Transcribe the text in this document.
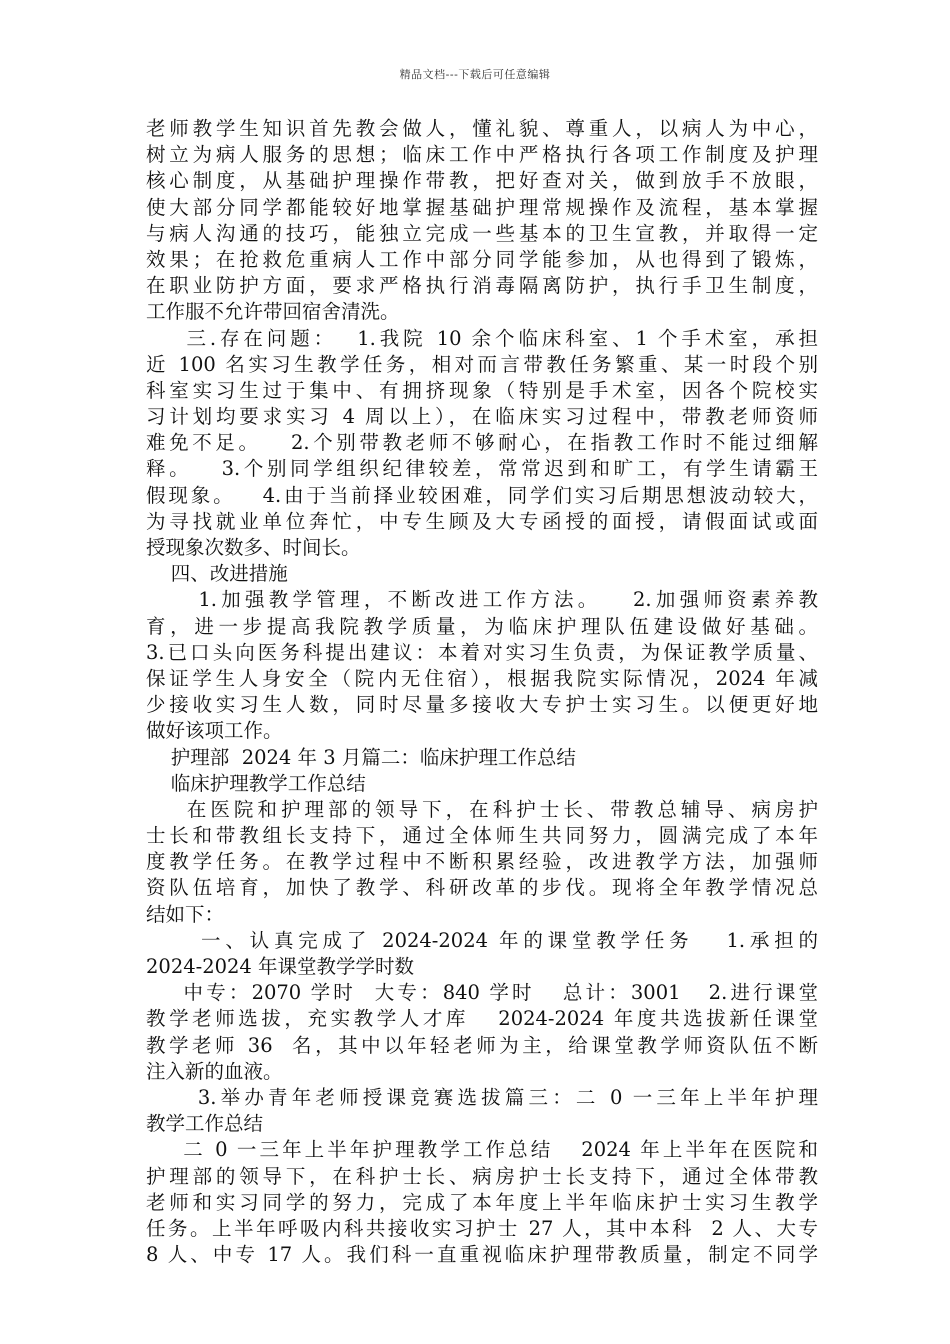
精品文档---下载后可任意编辑
老师教学生知识首先教会做人，懂礼貌、尊重人，以病人为中心，
树立为病人服务的思想；临床工作中严格执行各项工作制度及护理
核心制度，从基础护理操作带教，把好查对关，做到放手不放眼，
使大部分同学都能较好地掌握基础护理常规操作及流程，基本掌握
与病人沟通的技巧，能独立完成一些基本的卫生宣教，并取得一定
效果；在抢救危重病人工作中部分同学能参加，从也得到了锻炼，
在职业防护方面，要求严格执行消毒隔离防护，执行手卫生制度，
工作服不允许带回宿舍清洗。
三.存在问题：  1.我院 10 余个临床科室、1 个手术室，承担
近 100 名实习生教学任务，相对而言带教任务繁重、某一时段个别
科室实习生过于集中、有拥挤现象（特别是手术室，因各个院校实
习计划均要求实习 4 周以上），在临床实习过程中，带教老师资师
难免不足。   2.个别带教老师不够耐心，在指教工作时不能过细解
释。   3.个别同学组织纪律较差，常常迟到和旷工，有学生请霸王
假现象。   4.由于当前择业较困难，同学们实习后期思想波动较大，
为寻找就业单位奔忙，中专生顾及大专函授的面授，请假面试或面
授现象次数多、时间长。
四、改进措施
1.加强教学管理，不断改进工作方法。   2.加强师资素养教
育，进一步提高我院教学质量，为临床护理队伍建设做好基础。
3.已口头向医务科提出建议：本着对实习生负责，为保证教学质量、
保证学生人身安全（院内无住宿），根据我院实际情况，2024 年减
少接收实习生人数，同时尽量多接收大专护士实习生。以便更好地
做好该项工作。
护理部  2024 年 3 月篇二：临床护理工作总结
临床护理教学工作总结
在医院和护理部的领导下，在科护士长、带教总辅导、病房护
士长和带教组长支持下，通过全体师生共同努力，圆满完成了本年
度教学任务。在教学过程中不断积累经验，改进教学方法，加强师
资队伍培育，加快了教学、科研改革的步伐。现将全年教学情况总
结如下：
一、认真完成了 2024-2024 年的课堂教学任务   1.承担的
2024-2024 年课堂教学学时数
中专：2070 学时  大专：840 学时   总计：3001   2.进行课堂
教学老师选拔，充实教学人才库   2024-2024 年度共选拔新任课堂
教学老师 36  名，其中以年轻老师为主，给课堂教学师资队伍不断
注入新的血液。
3.举办青年老师授课竞赛选拔篇三：二 0 一三年上半年护理
教学工作总结
二 0 一三年上半年护理教学工作总结   2024 年上半年在医院和
护理部的领导下，在科护士长、病房护士长支持下，通过全体带教
老师和实习同学的努力，完成了本年度上半年临床护士实习生教学
任务。上半年呼吸内科共接收实习护士 27 人，其中本科  2 人、大专
8 人、中专 17 人。我们科一直重视临床护理带教质量，制定不同学
